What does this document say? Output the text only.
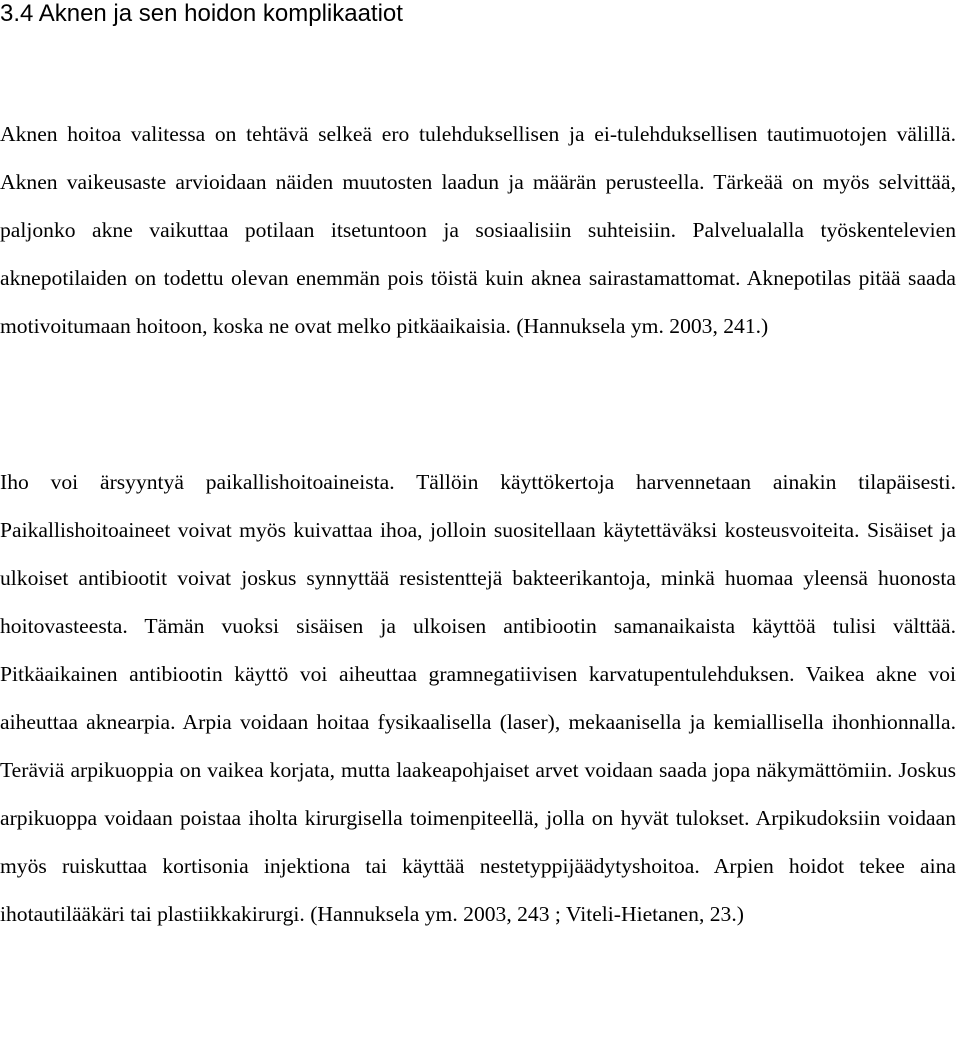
3.4 Aknen ja sen hoidon komplikaatiot

Aknen hoitoa valitessa on tehtävä selkeä ero tulehduksellisen ja ei-tulehduksellisen tautimuotojen välillä. Aknen vaikeusaste arvioidaan näiden muutosten laadun ja määrän perusteella. Tärkeää on myös selvittää, paljonko akne vaikuttaa potilaan itsetuntoon ja sosiaalisiin suhteisiin. Palvelualalla työskentelevien aknepotilaiden on todettu olevan enemmän pois töistä kuin aknea sairastamattomat. Aknepotilas pitää saada motivoitumaan hoitoon, koska ne ovat melko pitkäaikaisia. (Hannuksela ym. 2003, 241.)

Iho voi ärsyyntyä paikallishoitoaineista. Tällöin käyttökertoja harvennetaan ainakin tilapäisesti. Paikallishoitoaineet voivat myös kuivattaa ihoa, jolloin suositellaan käytettäväksi kosteusvoiteita. Sisäiset ja ulkoiset antibiootit voivat joskus synnyttää resistenttejä bakteerikantoja, minkä huomaa yleensä huonosta hoitovasteesta. Tämän vuoksi sisäisen ja ulkoisen antibiootin samanaikaista käyttöä tulisi välttää. Pitkäaikainen antibiootin käyttö voi aiheuttaa gramnegatiivisen karvatupentulehduksen. Vaikea akne voi aiheuttaa aknearpia. Arpia voidaan hoitaa fysikaalisella (laser), mekaanisella ja kemiallisella ihonhionnalla. Teräviä arpikuoppia on vaikea korjata, mutta laakeapohjaiset arvet voidaan saada jopa näkymättömiin. Joskus arpikuoppa voidaan poistaa iholta kirurgisella toimenpiteellä, jolla on hyvät tulokset. Arpikudoksiin voidaan myös ruiskuttaa kortisonia injektiona tai käyttää nestetyppijäädytyshoitoa. Arpien hoidot tekee aina ihotautilääkäri tai plastiikkakirurgi. (Hannuksela ym. 2003, 243 ; Viteli-Hietanen, 23.)
